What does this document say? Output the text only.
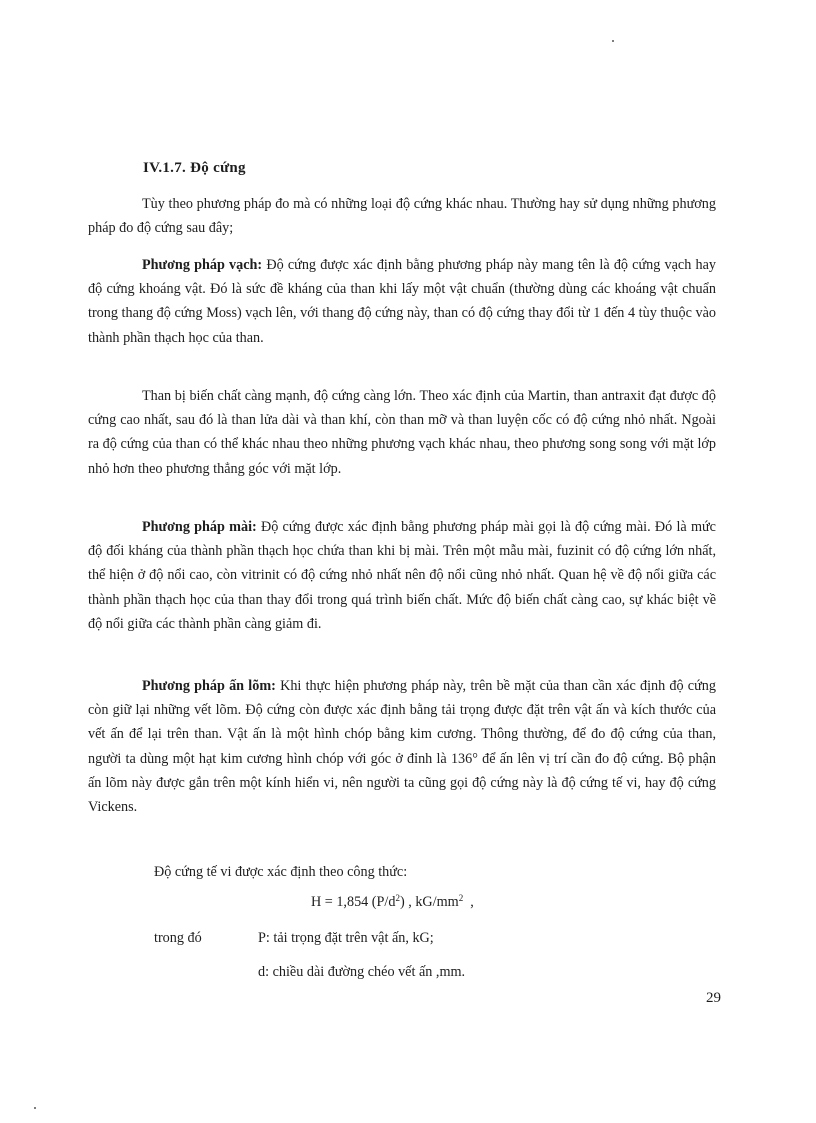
IV.1.7. Độ cứng

Tùy theo phương pháp đo mà có những loại độ cứng khác nhau. Thường hay sử dụng những phương pháp đo độ cứng sau đây;

Phương pháp vạch: Độ cứng được xác định bằng phương pháp này mang tên là độ cứng vạch hay độ cứng khoáng vật. Đó là sức đề kháng của than khi lấy một vật chuẩn (thường dùng các khoáng vật chuẩn trong thang độ cứng Moss) vạch lên, với thang độ cứng này, than có độ cứng thay đổi từ 1 đến 4 tùy thuộc vào thành phần thạch học của than.

Than bị biến chất càng mạnh, độ cứng càng lớn. Theo xác định của Martin, than antraxit đạt được độ cứng cao nhất, sau đó là than lửa dài và than khí, còn than mỡ và than luyện cốc có độ cứng nhỏ nhất. Ngoài ra độ cứng của than có thể khác nhau theo những phương vạch khác nhau, theo phương song song với mặt lớp nhỏ hơn theo phương thẳng góc với mặt lớp.

Phương pháp mài: Độ cứng được xác định bằng phương pháp mài gọi là độ cứng mài. Đó là mức độ đối kháng của thành phần thạch học chứa than khi bị mài. Trên một mẫu mài, fuzinit có độ cứng lớn nhất, thể hiện ở độ nổi cao, còn vitrinit có độ cứng nhỏ nhất nên độ nổi cũng nhỏ nhất. Quan hệ về độ nổi giữa các thành phần thạch học của than thay đổi trong quá trình biến chất. Mức độ biến chất càng cao, sự khác biệt về độ nổi giữa các thành phần càng giảm đi.

Phương pháp ấn lõm: Khi thực hiện phương pháp này, trên bề mặt của than cần xác định độ cứng còn giữ lại những vết lõm. Độ cứng còn được xác định bằng tải trọng được đặt trên vật ấn và kích thước của vết ấn để lại trên than. Vật ấn là một hình chóp bằng kim cương. Thông thường, để đo độ cứng của than, người ta dùng một hạt kim cương hình chóp với góc ở đỉnh là 136° để ấn lên vị trí cần đo độ cứng. Bộ phận ấn lõm này được gắn trên một kính hiển vi, nên người ta cũng gọi độ cứng này là độ cứng tế vi, hay độ cứng Vickens.

Độ cứng tế vi được xác định theo công thức:
H = 1,854 $(P/d^2)$ , $kG/mm^2$  ,
trong đó	P: tải trọng đặt trên vật ấn, kG;
d: chiều dài đường chéo vết ấn ,mm.
29
